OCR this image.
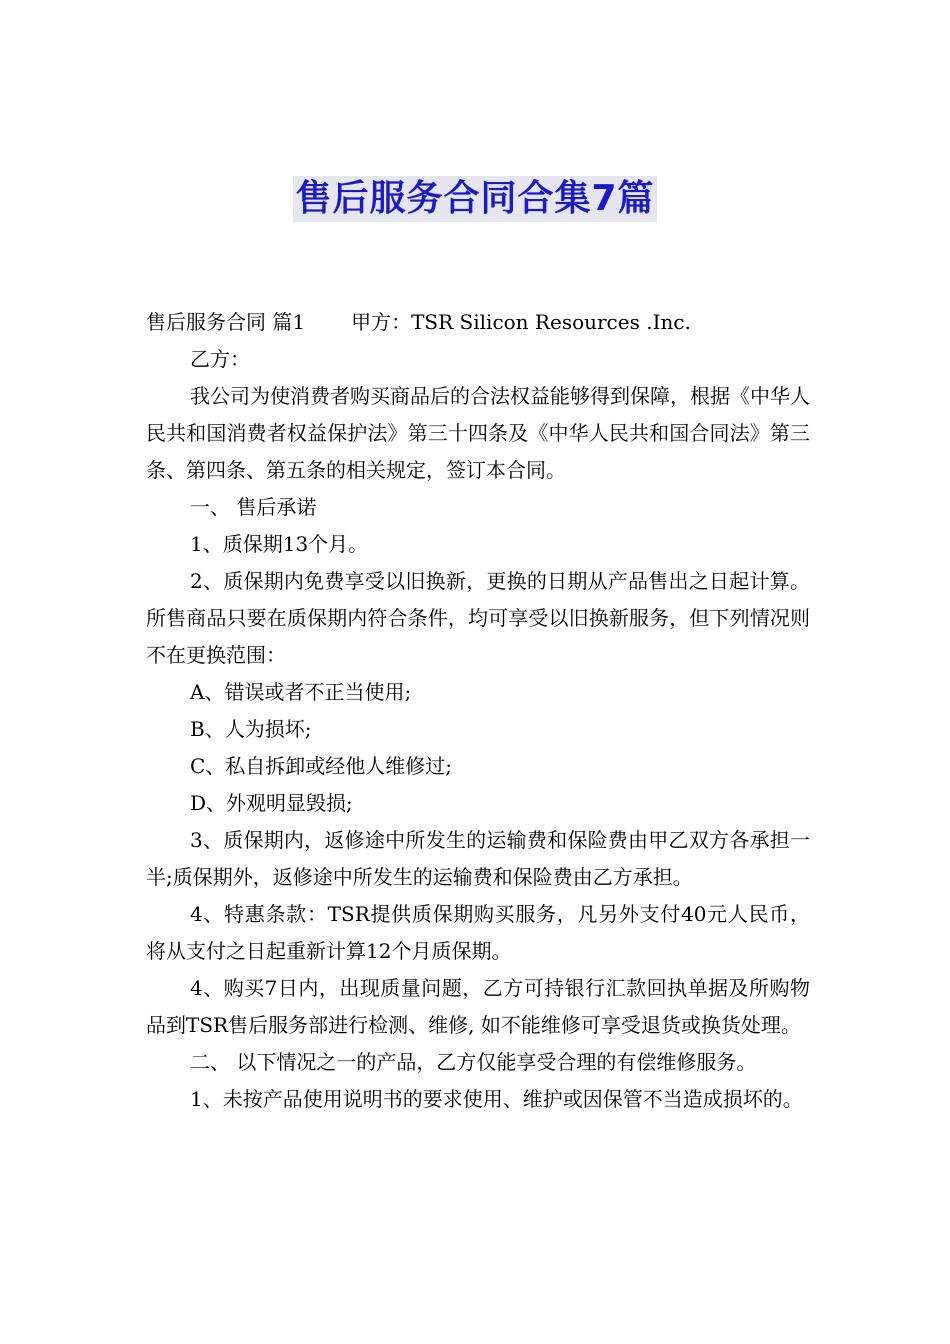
售后服务合同合集7篇

售后服务合同 篇1 甲方：TSR Silicon Resources .Inc.

乙方：

我公司为使消费者购买商品后的合法权益能够得到保障，根据《中华人民共和国消费者权益保护法》第三十四条及《中华人民共和国合同法》第三条、第四条、第五条的相关规定，签订本合同。

一、 售后承诺

1、质保期13个月。

2、质保期内免费享受以旧换新，更换的日期从产品售出之日起计算。所售商品只要在质保期内符合条件，均可享受以旧换新服务，但下列情况则不在更换范围：

A、错误或者不正当使用;

B、人为损坏;

C、私自拆卸或经他人维修过;

D、外观明显毁损;

3、质保期内，返修途中所发生的运输费和保险费由甲乙双方各承担一半;质保期外，返修途中所发生的运输费和保险费由乙方承担。

4、特惠条款：TSR提供质保期购买服务，凡另外支付40元人民币，将从支付之日起重新计算12个月质保期。

4、购买7日内，出现质量问题，乙方可持银行汇款回执单据及所购物品到TSR售后服务部进行检测、维修, 如不能维修可享受退货或换货处理。

二、 以下情况之一的产品，乙方仅能享受合理的有偿维修服务。

1、未按产品使用说明书的要求使用、维护或因保管不当造成损坏的。
